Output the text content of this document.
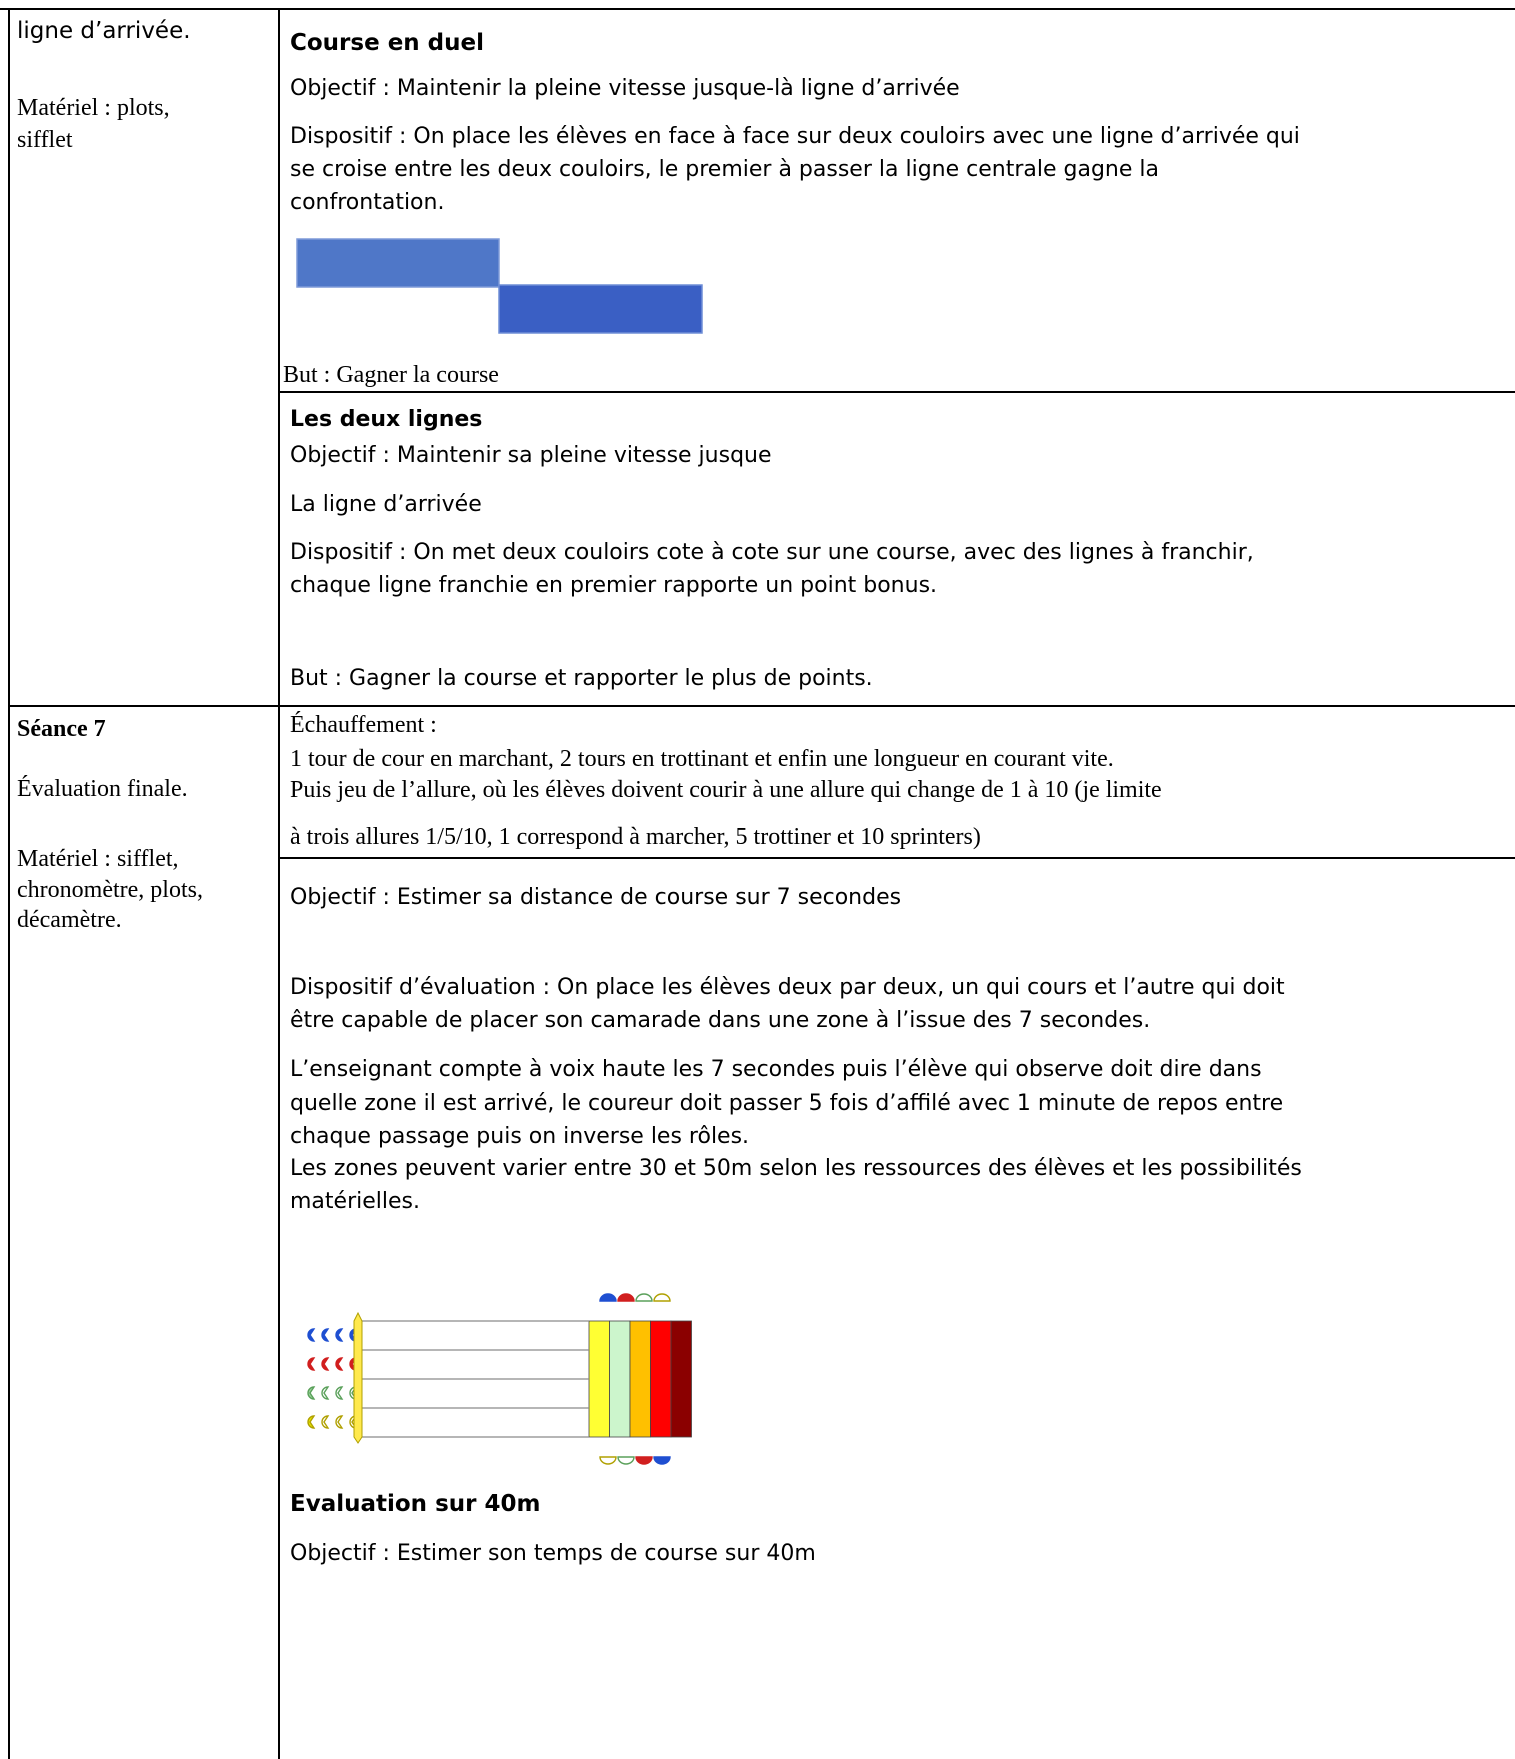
ligne d’arrivée.
Matériel : plots,
sifflet
Séance 7
Évaluation finale.
Matériel : sifflet,
chronomètre, plots,
décamètre.
Course en duel
Objectif : Maintenir la pleine vitesse jusque-là ligne d’arrivée
Dispositif : On place les élèves en face à face sur deux couloirs avec une ligne d’arrivée qui
se croise entre les deux couloirs, le premier à passer la ligne centrale gagne la
confrontation.
But : Gagner la course
Les deux lignes
Objectif : Maintenir sa pleine vitesse jusque
La ligne d’arrivée
Dispositif : On met deux couloirs cote à cote sur une course, avec des lignes à franchir,
chaque ligne franchie en premier rapporte un point bonus.
But : Gagner la course et rapporter le plus de points.
Échauffement :
1 tour de cour en marchant, 2 tours en trottinant et enfin une longueur en courant vite.
Puis jeu de l’allure, où les élèves doivent courir à une allure qui change de 1 à 10 (je limite
à trois allures 1/5/10, 1 correspond à marcher, 5 trottiner et 10 sprinters)
Objectif : Estimer sa distance de course sur 7 secondes
Dispositif d’évaluation : On place les élèves deux par deux, un qui cours et l’autre qui doit
être capable de placer son camarade dans une zone à l’issue des 7 secondes.
L’enseignant compte à voix haute les 7 secondes puis l’élève qui observe doit dire dans
quelle zone il est arrivé, le coureur doit passer 5 fois d’affilé avec 1 minute de repos entre
chaque passage puis on inverse les rôles.
Les zones peuvent varier entre 30 et 50m selon les ressources des élèves et les possibilités
matérielles.
Evaluation sur 40m
Objectif : Estimer son temps de course sur 40m
